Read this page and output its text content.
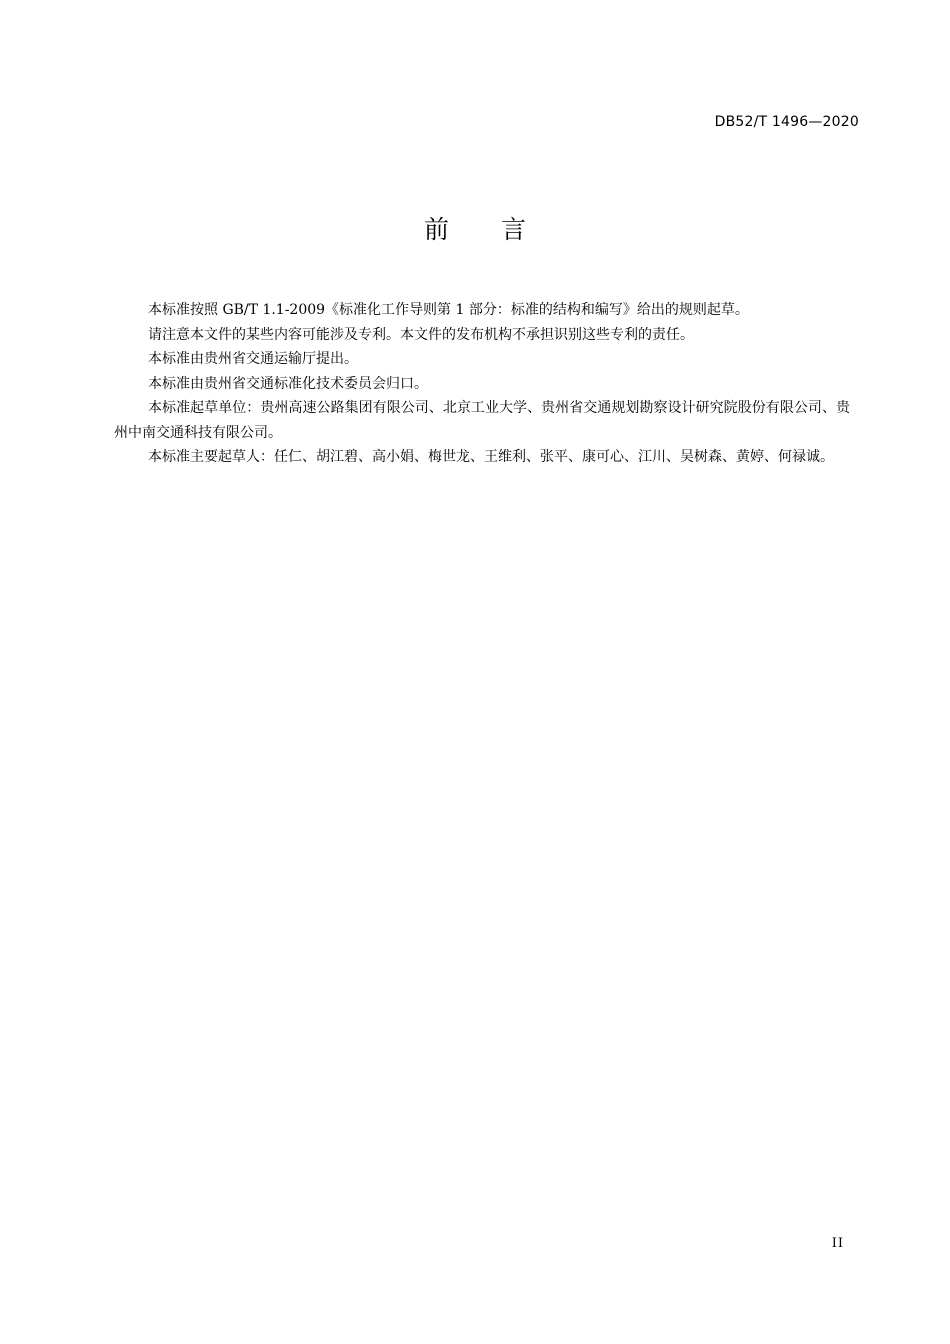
DB52/T 1496—2020
前言

本标准按照 GB/T 1.1-2009《标准化工作导则第 1 部分：标准的结构和编写》给出的规则起草。

请注意本文件的某些内容可能涉及专利。本文件的发布机构不承担识别这些专利的责任。

本标准由贵州省交通运输厅提出。

本标准由贵州省交通标准化技术委员会归口。

本标准起草单位：贵州高速公路集团有限公司、北京工业大学、贵州省交通规划勘察设计研究院股份有限公司、贵州中南交通科技有限公司。

本标准主要起草人：任仁、胡江碧、高小娟、梅世龙、王维利、张平、康可心、江川、吴树森、黄婷、何禄诚。

II
